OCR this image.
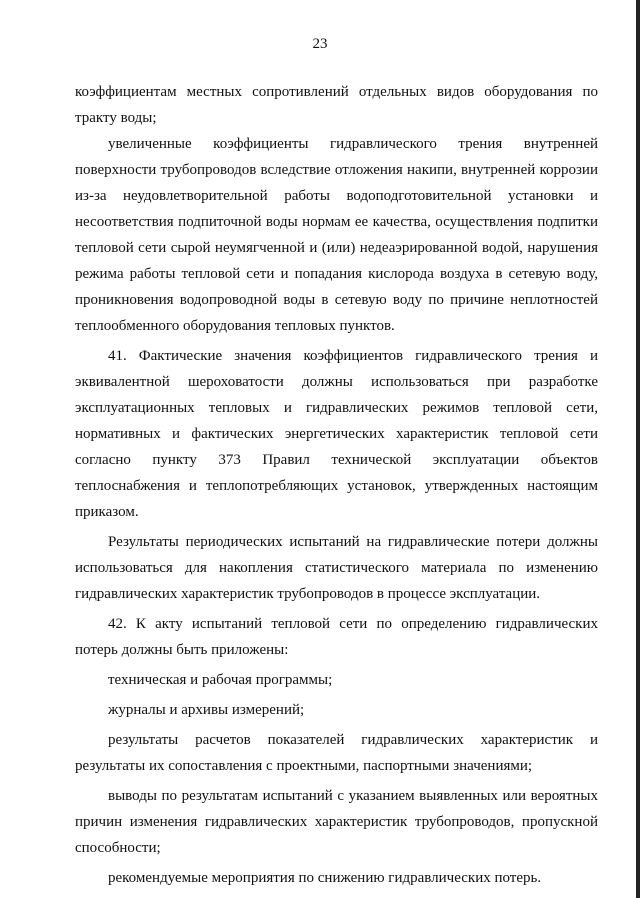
23

коэффициентам местных сопротивлений отдельных видов оборудования по тракту воды;

увеличенные коэффициенты гидравлического трения внутренней поверхности трубопроводов вследствие отложения накипи, внутренней коррозии из-за неудовлетворительной работы водоподготовительной установки и несоответствия подпиточной воды нормам ее качества, осуществления подпитки тепловой сети сырой неумягченной и (или) недеаэрированной водой, нарушения режима работы тепловой сети и попадания кислорода воздуха в сетевую воду, проникновения водопроводной воды в сетевую воду по причине неплотностей теплообменного оборудования тепловых пунктов.

41. Фактические значения коэффициентов гидравлического трения и эквивалентной шероховатости должны использоваться при разработке эксплуатационных тепловых и гидравлических режимов тепловой сети, нормативных и фактических энергетических характеристик тепловой сети согласно пункту 373 Правил технической эксплуатации объектов теплоснабжения и теплопотребляющих установок, утвержденных настоящим приказом.

Результаты периодических испытаний на гидравлические потери должны использоваться для накопления статистического материала по изменению гидравлических характеристик трубопроводов в процессе эксплуатации.

42. К акту испытаний тепловой сети по определению гидравлических потерь должны быть приложены:

техническая и рабочая программы;

журналы и архивы измерений;

результаты расчетов показателей гидравлических характеристик и результаты их сопоставления с проектными, паспортными значениями;

выводы по результатам испытаний с указанием выявленных или вероятных причин изменения гидравлических характеристик трубопроводов, пропускной способности;

рекомендуемые мероприятия по снижению гидравлических потерь.
